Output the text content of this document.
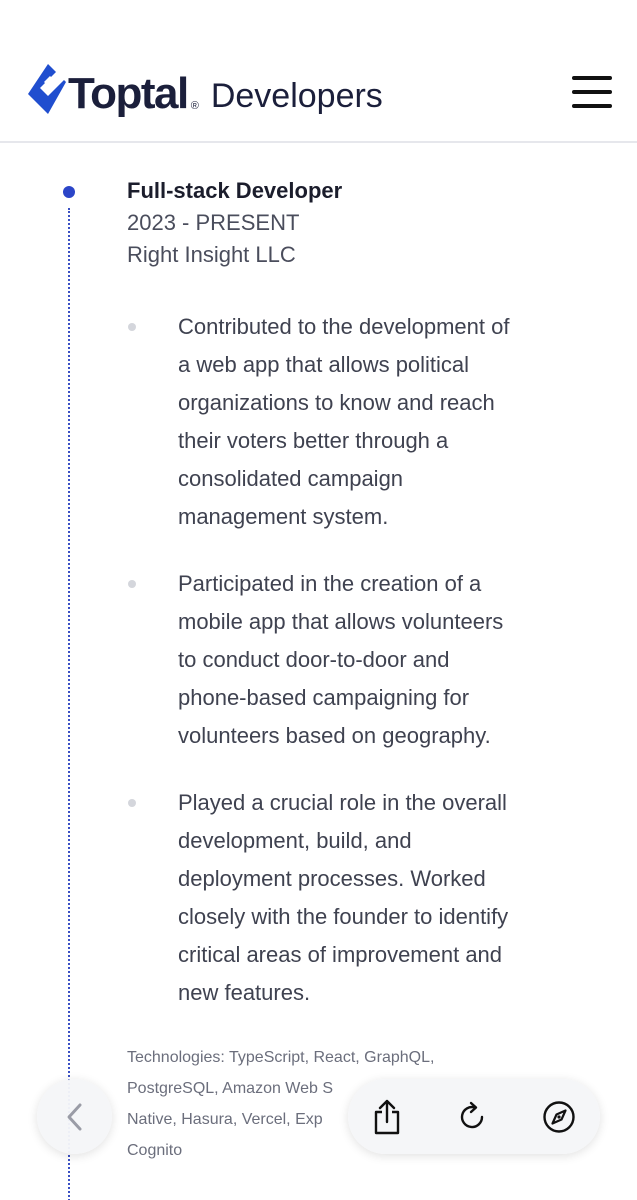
Toptal ® Developers
Full-stack Developer
2023 - PRESENT
Right Insight LLC
Contributed to the development of
a web app that allows political
organizations to know and reach
their voters better through a
consolidated campaign
management system.
Participated in the creation of a
mobile app that allows volunteers
to conduct door-to-door and
phone-based campaigning for
volunteers based on geography.
Played a crucial role in the overall
development, build, and
deployment processes. Worked
closely with the founder to identify
critical areas of improvement and
new features.
Technologies: TypeScript, React, GraphQL,
PostgreSQL, Amazon Web S
Native, Hasura, Vercel, Exp
Cognito
